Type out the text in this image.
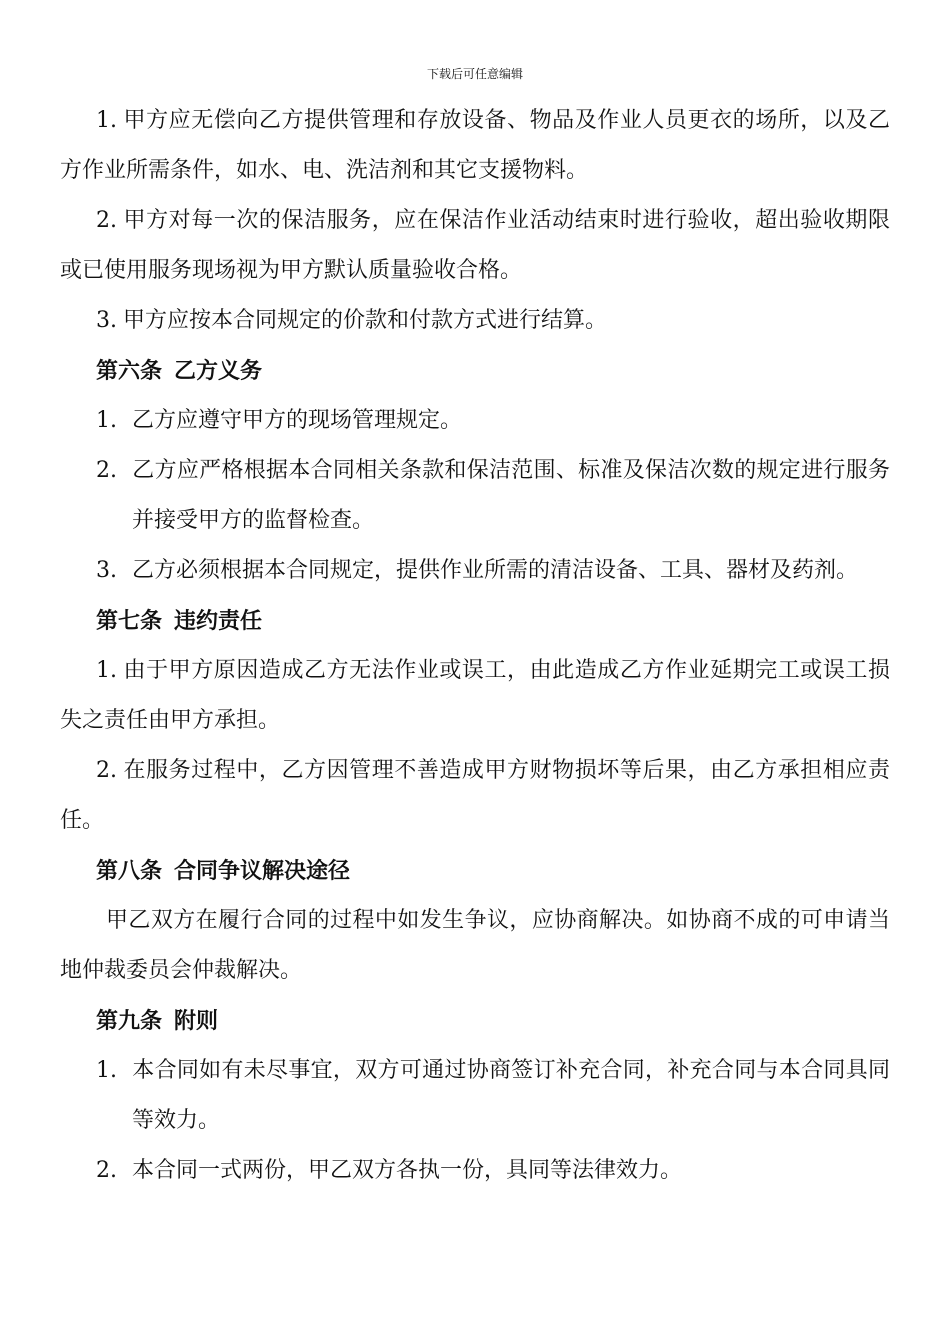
下载后可任意编辑

1. 甲方应无偿向乙方提供管理和存放设备、物品及作业人员更衣的场所，以及乙方作业所需条件，如水、电、洗洁剂和其它支援物料。

2. 甲方对每一次的保洁服务，应在保洁作业活动结束时进行验收，超出验收期限或已使用服务现场视为甲方默认质量验收合格。

3. 甲方应按本合同规定的价款和付款方式进行结算。

第六条 乙方义务

1. 乙方应遵守甲方的现场管理规定。

2. 乙方应严格根据本合同相关条款和保洁范围、标准及保洁次数的规定进行服务并接受甲方的监督检查。

3. 乙方必须根据本合同规定，提供作业所需的清洁设备、工具、器材及药剂。

第七条 违约责任

1. 由于甲方原因造成乙方无法作业或误工，由此造成乙方作业延期完工或误工损失之责任由甲方承担。

2. 在服务过程中，乙方因管理不善造成甲方财物损坏等后果，由乙方承担相应责任。

第八条 合同争议解决途径

甲乙双方在履行合同的过程中如发生争议，应协商解决。如协商不成的可申请当地仲裁委员会仲裁解决。

第九条 附则

1. 本合同如有未尽事宜，双方可通过协商签订补充合同，补充合同与本合同具同等效力。

2. 本合同一式两份，甲乙双方各执一份，具同等法律效力。
